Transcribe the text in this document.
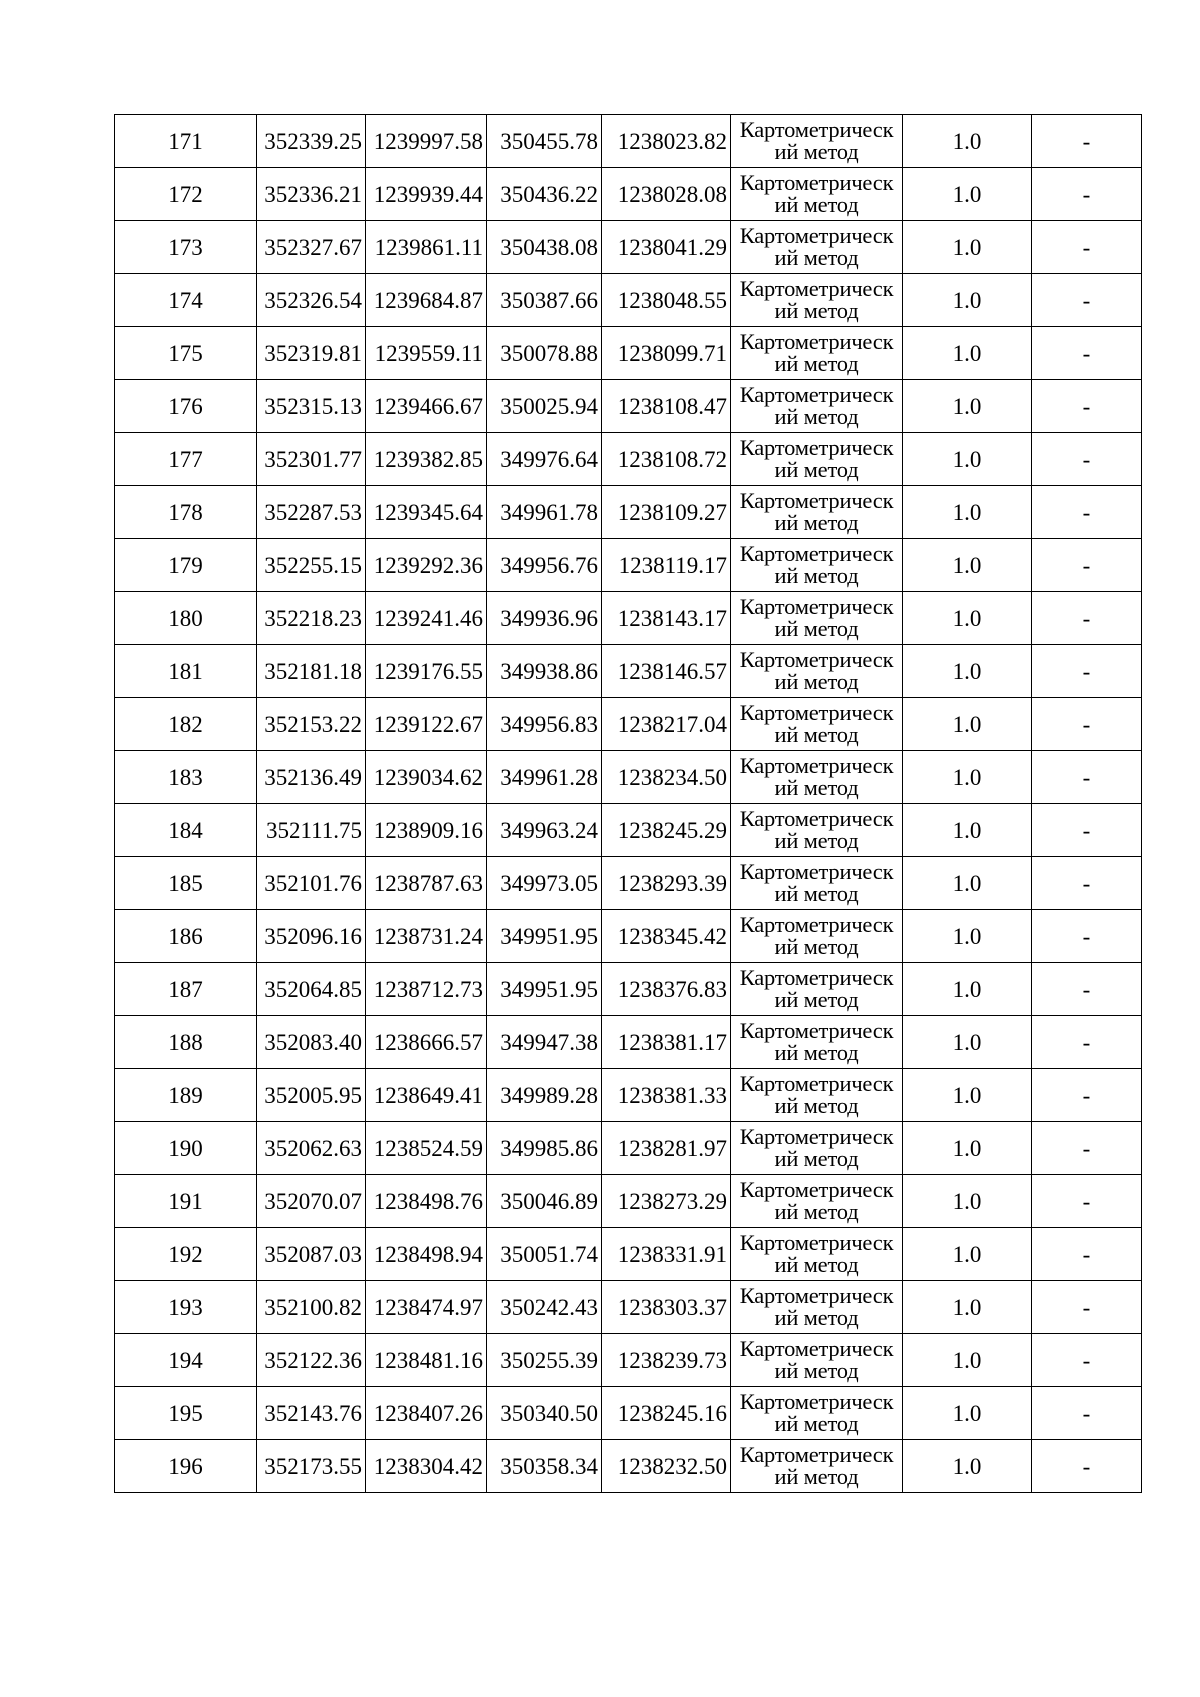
171	352339.25	1239997.58	350455.78	1238023.82	Картометрическ
ий метод	1.0	-
172	352336.21	1239939.44	350436.22	1238028.08	Картометрическ
ий метод	1.0	-
173	352327.67	1239861.11	350438.08	1238041.29	Картометрическ
ий метод	1.0	-
174	352326.54	1239684.87	350387.66	1238048.55	Картометрическ
ий метод	1.0	-
175	352319.81	1239559.11	350078.88	1238099.71	Картометрическ
ий метод	1.0	-
176	352315.13	1239466.67	350025.94	1238108.47	Картометрическ
ий метод	1.0	-
177	352301.77	1239382.85	349976.64	1238108.72	Картометрическ
ий метод	1.0	-
178	352287.53	1239345.64	349961.78	1238109.27	Картометрическ
ий метод	1.0	-
179	352255.15	1239292.36	349956.76	1238119.17	Картометрическ
ий метод	1.0	-
180	352218.23	1239241.46	349936.96	1238143.17	Картометрическ
ий метод	1.0	-
181	352181.18	1239176.55	349938.86	1238146.57	Картометрическ
ий метод	1.0	-
182	352153.22	1239122.67	349956.83	1238217.04	Картометрическ
ий метод	1.0	-
183	352136.49	1239034.62	349961.28	1238234.50	Картометрическ
ий метод	1.0	-
184	352111.75	1238909.16	349963.24	1238245.29	Картометрическ
ий метод	1.0	-
185	352101.76	1238787.63	349973.05	1238293.39	Картометрическ
ий метод	1.0	-
186	352096.16	1238731.24	349951.95	1238345.42	Картометрическ
ий метод	1.0	-
187	352064.85	1238712.73	349951.95	1238376.83	Картометрическ
ий метод	1.0	-
188	352083.40	1238666.57	349947.38	1238381.17	Картометрическ
ий метод	1.0	-
189	352005.95	1238649.41	349989.28	1238381.33	Картометрическ
ий метод	1.0	-
190	352062.63	1238524.59	349985.86	1238281.97	Картометрическ
ий метод	1.0	-
191	352070.07	1238498.76	350046.89	1238273.29	Картометрическ
ий метод	1.0	-
192	352087.03	1238498.94	350051.74	1238331.91	Картометрическ
ий метод	1.0	-
193	352100.82	1238474.97	350242.43	1238303.37	Картометрическ
ий метод	1.0	-
194	352122.36	1238481.16	350255.39	1238239.73	Картометрическ
ий метод	1.0	-
195	352143.76	1238407.26	350340.50	1238245.16	Картометрическ
ий метод	1.0	-
196	352173.55	1238304.42	350358.34	1238232.50	Картометрическ
ий метод	1.0	-
